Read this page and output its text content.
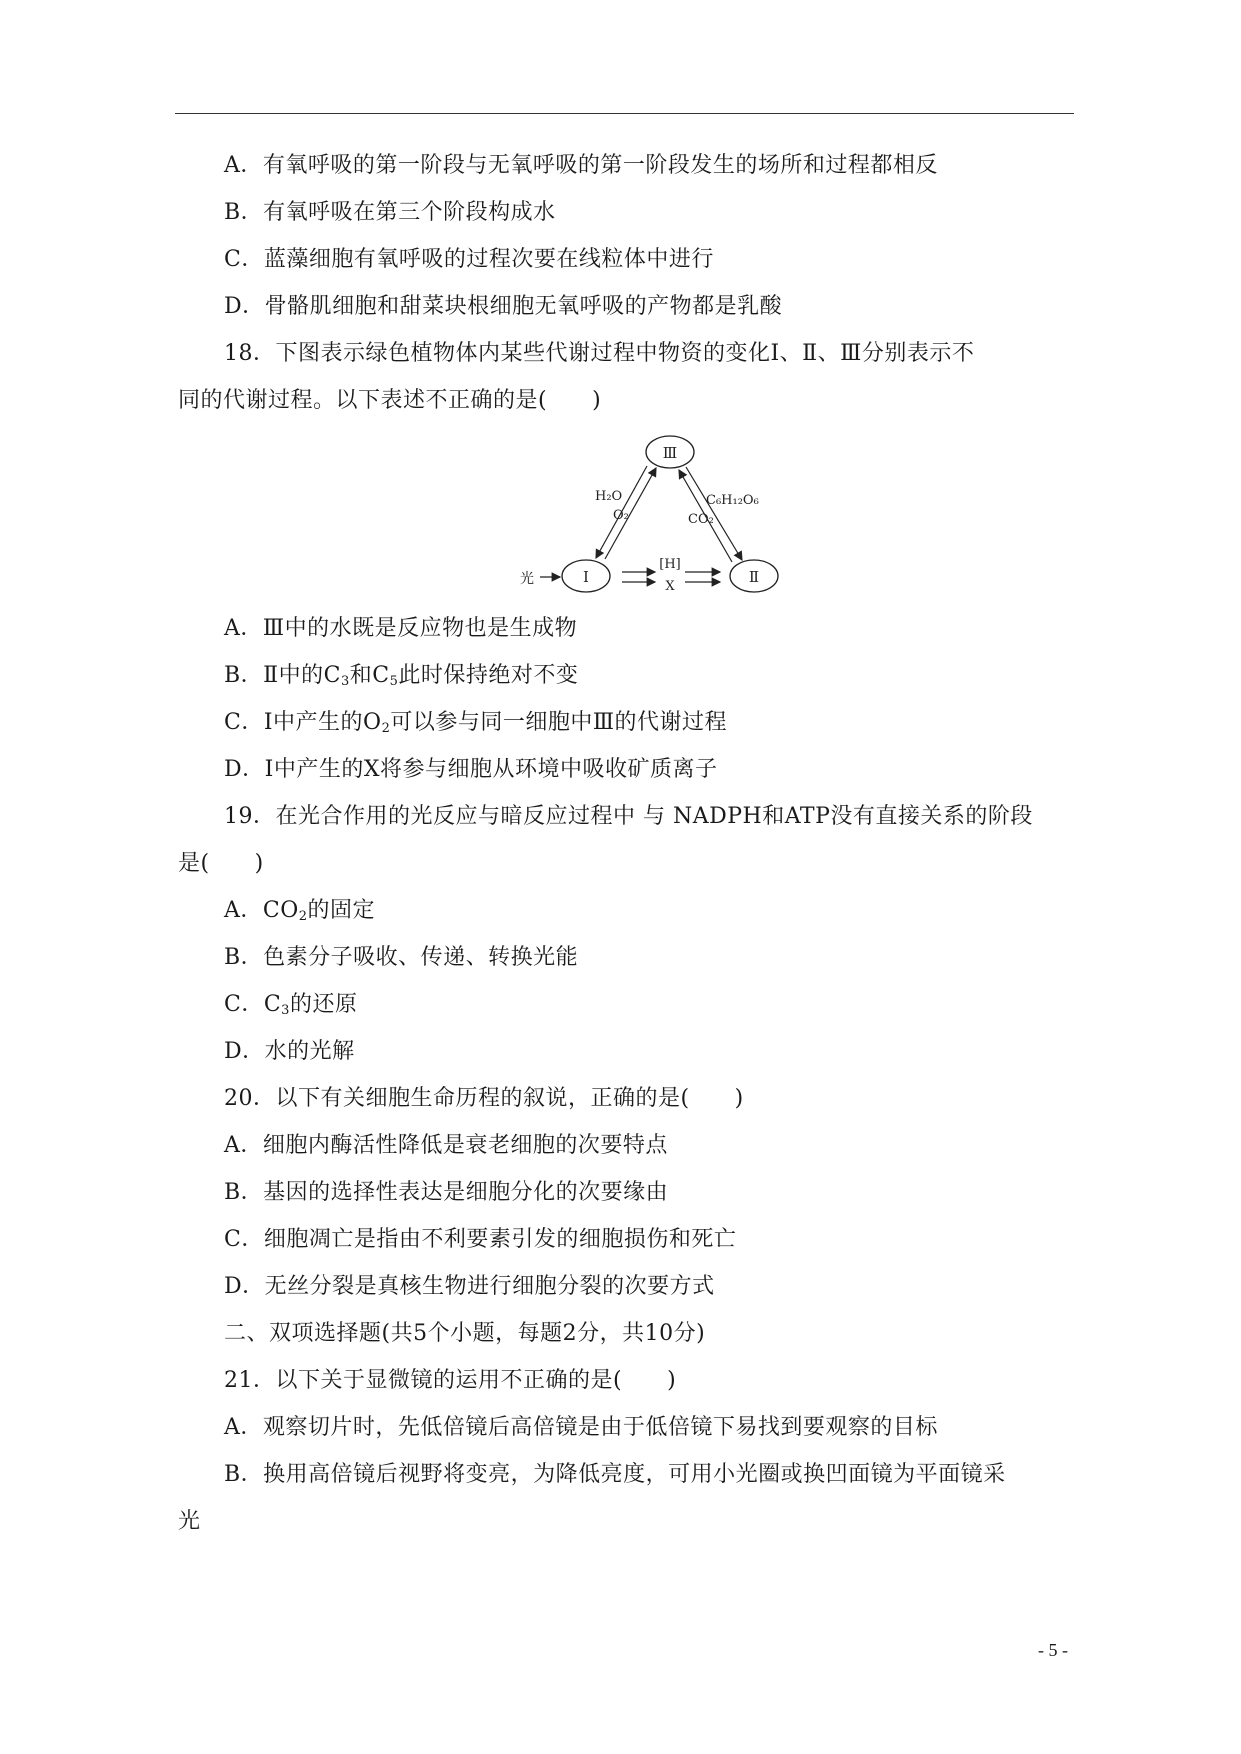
A．有氧呼吸的第一阶段与无氧呼吸的第一阶段发生的场所和过程都相反
B．有氧呼吸在第三个阶段构成水
C．蓝藻细胞有氧呼吸的过程次要在线粒体中进行
D．骨骼肌细胞和甜菜块根细胞无氧呼吸的产物都是乳酸
18．下图表示绿色植物体内某些代谢过程中物资的变化Ⅰ、Ⅱ、Ⅲ分别表示不
同的代谢过程。以下表述不正确的是(　　)
Ⅲ
Ⅰ	Ⅱ
光
H₂O
O₂
C₆H₁₂O₆
CO₂
[H]
X
A．Ⅲ中的水既是反应物也是生成物
B．Ⅱ中的$C_3$和$C_5$此时保持绝对不变
C．Ⅰ中产生的$O_2$可以参与同一细胞中Ⅲ的代谢过程
D．Ⅰ中产生的X将参与细胞从环境中吸收矿质离子
19．在光合作用的光反应与暗反应过程中 与 NADPH和ATP没有直接关系的阶段
是(　　)
A．$CO_2$的固定
B．色素分子吸收、传递、转换光能
C．$C_3$的还原
D．水的光解
20．以下有关细胞生命历程的叙说，正确的是(　　)
A．细胞内酶活性降低是衰老细胞的次要特点
B．基因的选择性表达是细胞分化的次要缘由
C．细胞凋亡是指由不利要素引发的细胞损伤和死亡
D．无丝分裂是真核生物进行细胞分裂的次要方式
二、双项选择题(共5个小题，每题2分，共10分)
21．以下关于显微镜的运用不正确的是(　　)
A．观察切片时，先低倍镜后高倍镜是由于低倍镜下易找到要观察的目标
B．换用高倍镜后视野将变亮，为降低亮度，可用小光圈或换凹面镜为平面镜采
光
- 5 -
